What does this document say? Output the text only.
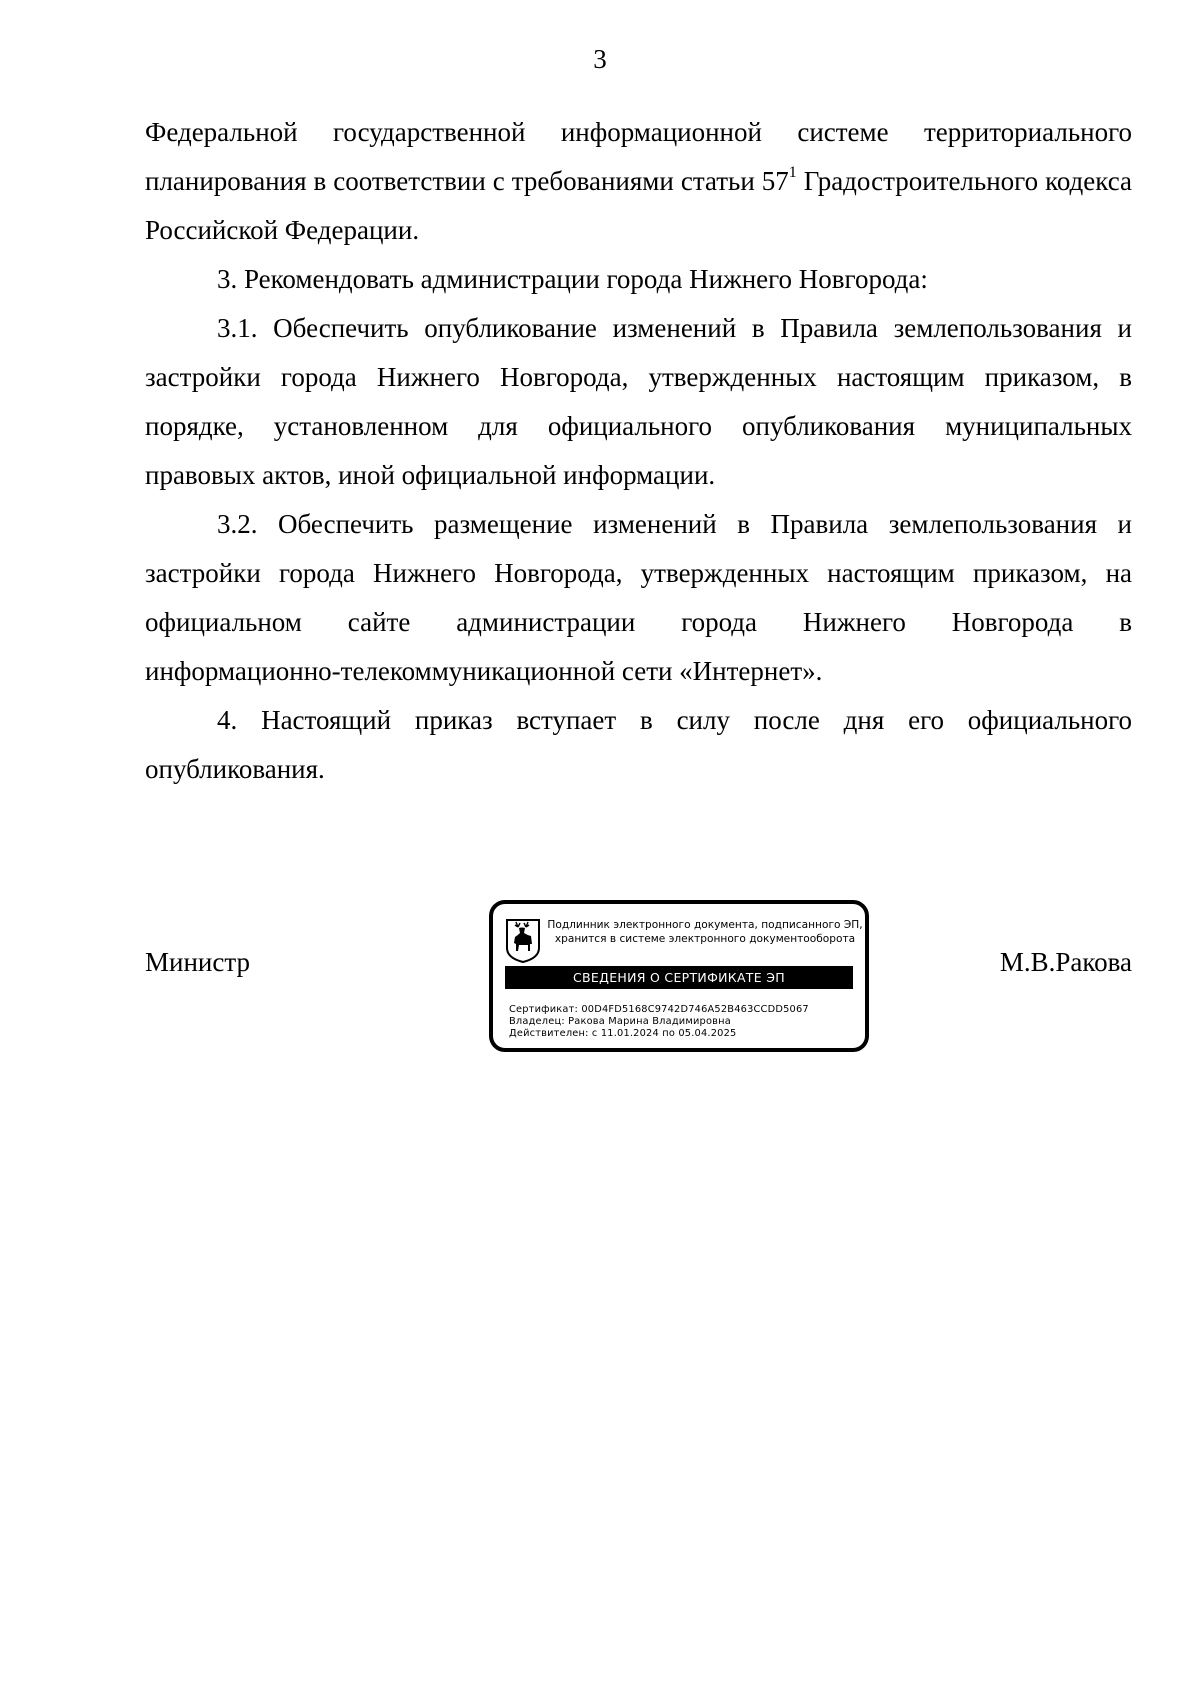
3

Федеральной государственной информационной системе территориального планирования в соответствии с требованиями статьи $57^1$ Градостроительного кодекса Российской Федерации.

3. Рекомендовать администрации города Нижнего Новгорода:

3.1. Обеспечить опубликование изменений в Правила землепользования и застройки города Нижнего Новгорода, утвержденных настоящим приказом, в порядке, установленном для официального опубликования муниципальных правовых актов, иной официальной информации.

3.2. Обеспечить размещение изменений в Правила землепользования и застройки города Нижнего Новгорода, утвержденных настоящим приказом, на официальном сайте администрации города Нижнего Новгорода в

информационно-телекоммуникационной сети «Интернет».

4. Настоящий приказ вступает в силу после дня его официального опубликования.

Министр	М.В.Ракова
Подлинник электронного документа, подписанного ЭП,
хранится в системе электронного документооборота
СВЕДЕНИЯ О СЕРТИФИКАТЕ ЭП
Сертификат: 00D4FD5168C9742D746A52B463CCDD5067
Владелец: Ракова Марина Владимировна
Действителен: с 11.01.2024 по 05.04.2025
